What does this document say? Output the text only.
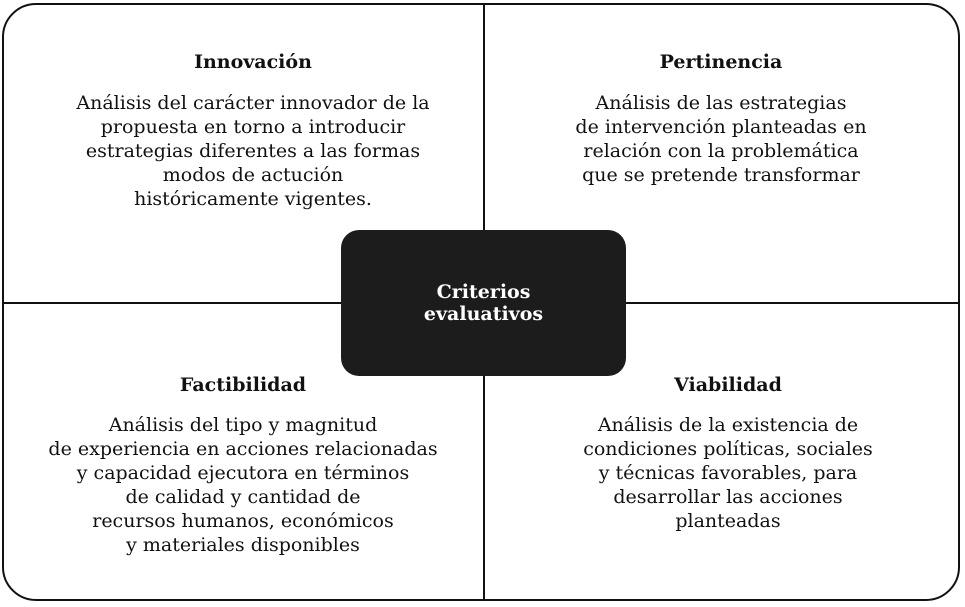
Innovación

Análisis del carácter innovador de la
propuesta en torno a introducir
estrategias diferentes a las formas
modos de actución
históricamente vigentes.

Pertinencia

Análisis de las estrategias
de intervención planteadas en
relación con la problemática
que se pretende transformar

Factibilidad

Análisis del tipo y magnitud
de experiencia en acciones relacionadas
y capacidad ejecutora en términos
de calidad y cantidad de
recursos humanos, económicos
y materiales disponibles

Viabilidad

Análisis de la existencia de
condiciones políticas, sociales
y técnicas favorables, para
desarrollar las acciones
planteadas

Criterios
evaluativos
